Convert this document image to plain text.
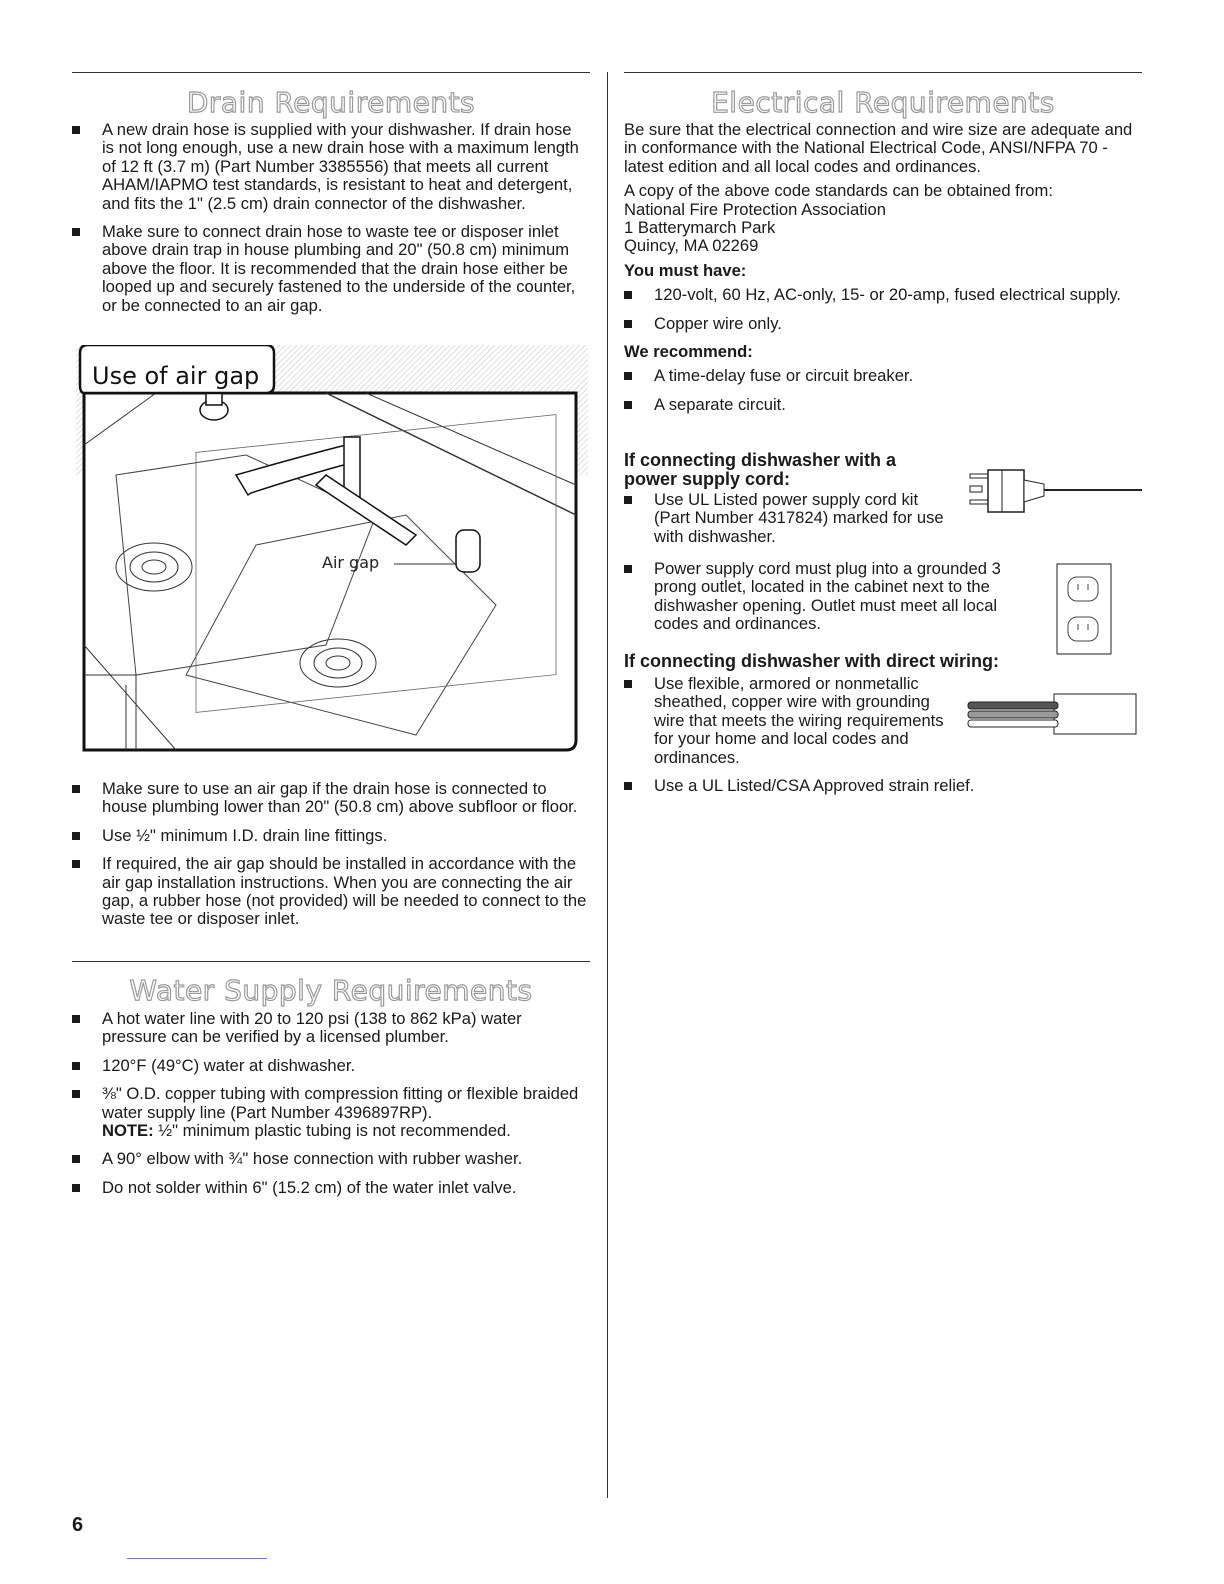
Drain Requirements
A new drain hose is supplied with your dishwasher. If drain hose is not long enough, use a new drain hose with a maximum length of 12 ft (3.7 m) (Part Number 3385556) that meets all current AHAM/IAPMO test standards, is resistant to heat and detergent, and fits the 1" (2.5 cm) drain connector of the dishwasher.
Make sure to connect drain hose to waste tee or disposer inlet above drain trap in house plumbing and 20" (50.8 cm) minimum above the floor. It is recommended that the drain hose either be looped up and securely fastened to the underside of the counter, or be connected to an air gap.
Air gap
Use of air gap
Make sure to use an air gap if the drain hose is connected to house plumbing lower than 20" (50.8 cm) above subfloor or floor.
Use ½" minimum I.D. drain line fittings.
If required, the air gap should be installed in accordance with the air gap installation instructions. When you are connecting the air gap, a rubber hose (not provided) will be needed to connect to the waste tee or disposer inlet.
Water Supply Requirements
A hot water line with 20 to 120 psi (138 to 862 kPa) water pressure can be verified by a licensed plumber.
120°F (49°C) water at dishwasher.
⅜" O.D. copper tubing with compression fitting or flexible braided water supply line (Part Number 4396897RP).
NOTE: ½" minimum plastic tubing is not recommended.
A 90° elbow with ¾" hose connection with rubber washer.
Do not solder within 6" (15.2 cm) of the water inlet valve.
Electrical Requirements
Be sure that the electrical connection and wire size are adequate and in conformance with the National Electrical Code, ANSI/NFPA 70 - latest edition and all local codes and ordinances.
A copy of the above code standards can be obtained from:
National Fire Protection Association
1 Batterymarch Park
Quincy, MA 02269
You must have:
120-volt, 60 Hz, AC-only, 15- or 20-amp, fused electrical supply.
Copper wire only.
We recommend:
A time-delay fuse or circuit breaker.
A separate circuit.
If connecting dishwasher with a power supply cord:
Use UL Listed power supply cord kit (Part Number 4317824) marked for use with dishwasher.
Power supply cord must plug into a grounded 3 prong outlet, located in the cabinet next to the dishwasher opening. Outlet must meet all local codes and ordinances.
If connecting dishwasher with direct wiring:
Use flexible, armored or nonmetallic sheathed, copper wire with grounding wire that meets the wiring requirements for your home and local codes and ordinances.
Use a UL Listed/CSA Approved strain relief.
6
